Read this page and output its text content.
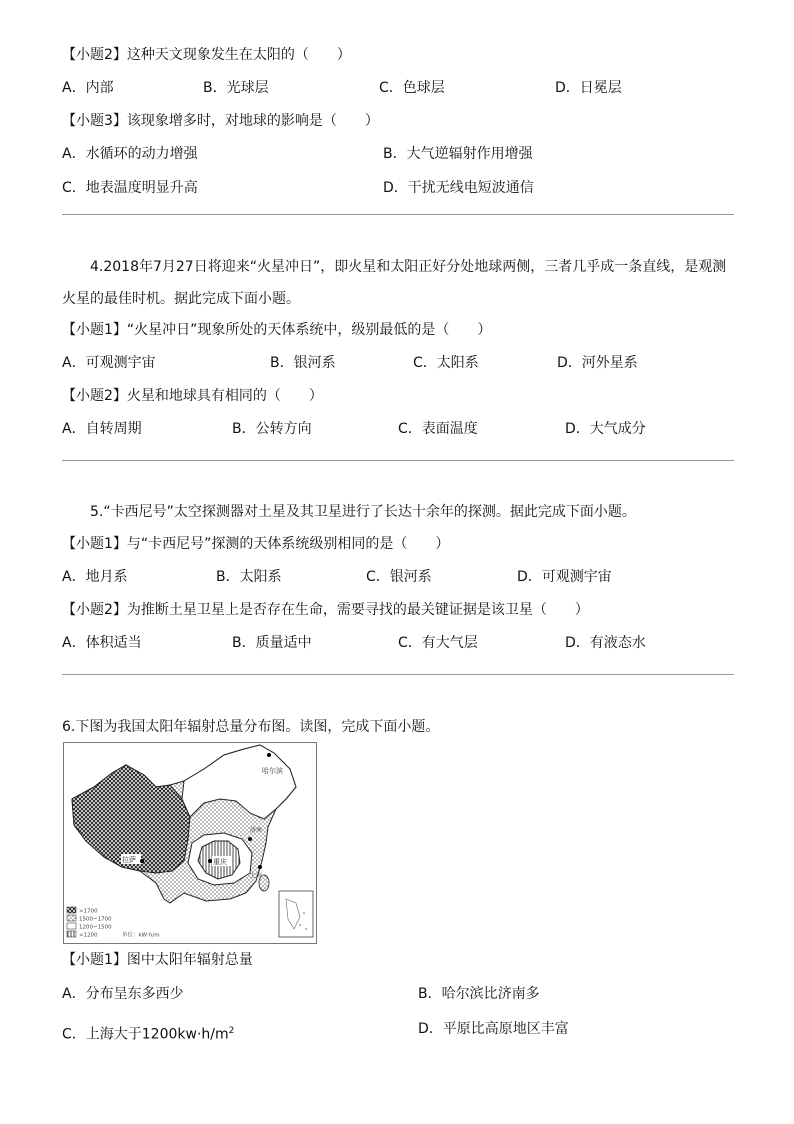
【小题2】这种天文现象发生在太阳的（　　）
A．内部	B．光球层	C．色球层	D．日冕层
【小题3】该现象增多时，对地球的影响是（　　）
A．水循环的动力增强	B．大气逆辐射作用增强
C．地表温度明显升高	D．干扰无线电短波通信
4.2018年7月27日将迎来“火星冲日”，即火星和太阳正好分处地球两侧，三者几乎成一条直线，是观测
火星的最佳时机。据此完成下面小题。
【小题1】“火星冲日”现象所处的天体系统中，级别最低的是（　　）
A．可观测宇宙	B．银河系	C．太阳系	D．河外星系
【小题2】火星和地球具有相同的（　　）
A．自转周期	B．公转方向	C．表面温度	D．大气成分
5.“卡西尼号”太空探测器对土星及其卫星进行了长达十余年的探测。据此完成下面小题。
【小题1】与“卡西尼号”探测的天体系统级别相同的是（　　）
A．地月系	B．太阳系	C．银河系	D．可观测宇宙
【小题2】为推断土星卫星上是否存在生命，需要寻找的最关键证据是该卫星（　　）
A．体积适当	B．质量适中	C．有大气层	D．有液态水
6.下图为我国太阳年辐射总量分布图。读图，完成下面小题。
哈尔滨
济南
上海
拉萨	重庆
>1700
1500~1700
1200~1500
<1200	单位：kW·h/m
【小题1】图中太阳年辐射总量
A．分布呈东多西少	B．哈尔滨比济南多
C．上海大于$1200kw\cdot h/m^2$	D．平原比高原地区丰富
